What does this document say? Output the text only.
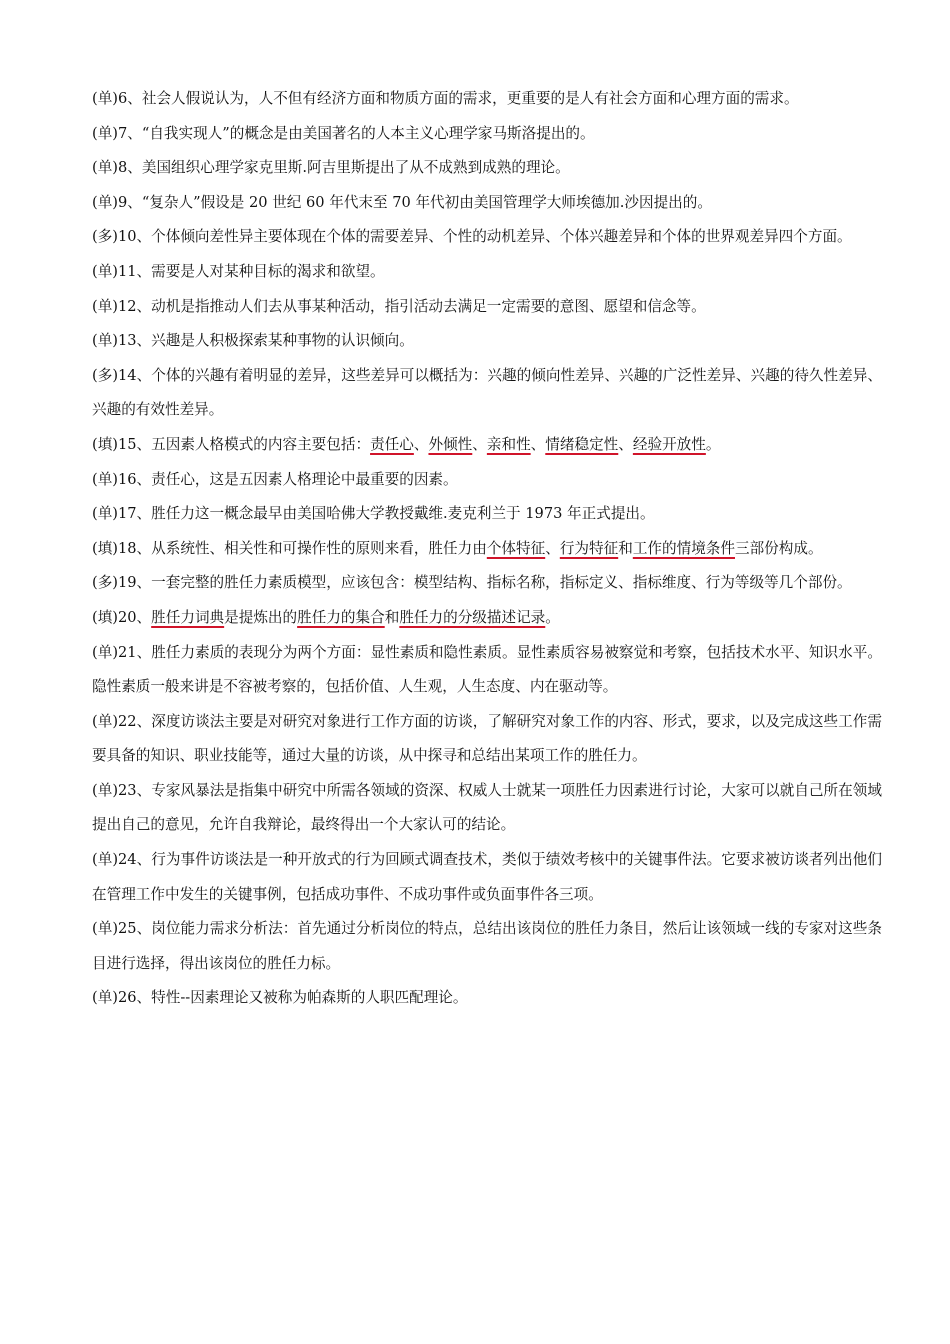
(单)6、社会人假说认为，人不但有经济方面和物质方面的需求，更重要的是人有社会方面和心理方面的需求。

(单)7、“自我实现人”的概念是由美国著名的人本主义心理学家马斯洛提出的。

(单)8、美国组织心理学家克里斯.阿吉里斯提出了从不成熟到成熟的理论。

(单)9、“复杂人”假设是 20 世纪 60 年代末至 70 年代初由美国管理学大师埃德加.沙因提出的。

(多)10、个体倾向差性异主要体现在个体的需要差异、个性的动机差异、个体兴趣差异和个体的世界观差异四个方面。

(单)11、需要是人对某种目标的渴求和欲望。

(单)12、动机是指推动人们去从事某种活动，指引活动去满足一定需要的意图、愿望和信念等。

(单)13、兴趣是人积极探索某种事物的认识倾向。

(多)14、个体的兴趣有着明显的差异，这些差异可以概括为：兴趣的倾向性差异、兴趣的广泛性差异、兴趣的待久性差异、兴趣的有效性差异。

(填)15、五因素人格模式的内容主要包括：责任心、外倾性、亲和性、情绪稳定性、经验开放性。

(单)16、责任心，这是五因素人格理论中最重要的因素。

(单)17、胜任力这一概念最早由美国哈佛大学教授戴维.麦克利兰于 1973 年正式提出。

(填)18、从系统性、相关性和可操作性的原则来看，胜任力由个体特征、行为特征和工作的情境条件三部份构成。

(多)19、一套完整的胜任力素质模型，应该包含：模型结构、指标名称，指标定义、指标维度、行为等级等几个部份。

(填)20、胜任力词典是提炼出的胜任力的集合和胜任力的分级描述记录。

(单)21、胜任力素质的表现分为两个方面：显性素质和隐性素质。显性素质容易被察觉和考察，包括技术水平、知识水平。隐性素质一般来讲是不容被考察的，包括价值、人生观，人生态度、内在驱动等。

(单)22、深度访谈法主要是对研究对象进行工作方面的访谈，了解研究对象工作的内容、形式，要求，以及完成这些工作需要具备的知识、职业技能等，通过大量的访谈，从中探寻和总结出某项工作的胜任力。

(单)23、专家风暴法是指集中研究中所需各领域的资深、权威人士就某一项胜任力因素进行讨论，大家可以就自己所在领域提出自己的意见，允许自我辩论，最终得出一个大家认可的结论。

(单)24、行为事件访谈法是一种开放式的行为回顾式调查技术，类似于绩效考核中的关键事件法。它要求被访谈者列出他们在管理工作中发生的关键事例，包括成功事件、不成功事件或负面事件各三项。

(单)25、岗位能力需求分析法：首先通过分析岗位的特点，总结出该岗位的胜任力条目，然后让该领域一线的专家对这些条目进行选择，得出该岗位的胜任力标。

(单)26、特性--因素理论又被称为帕森斯的人职匹配理论。
